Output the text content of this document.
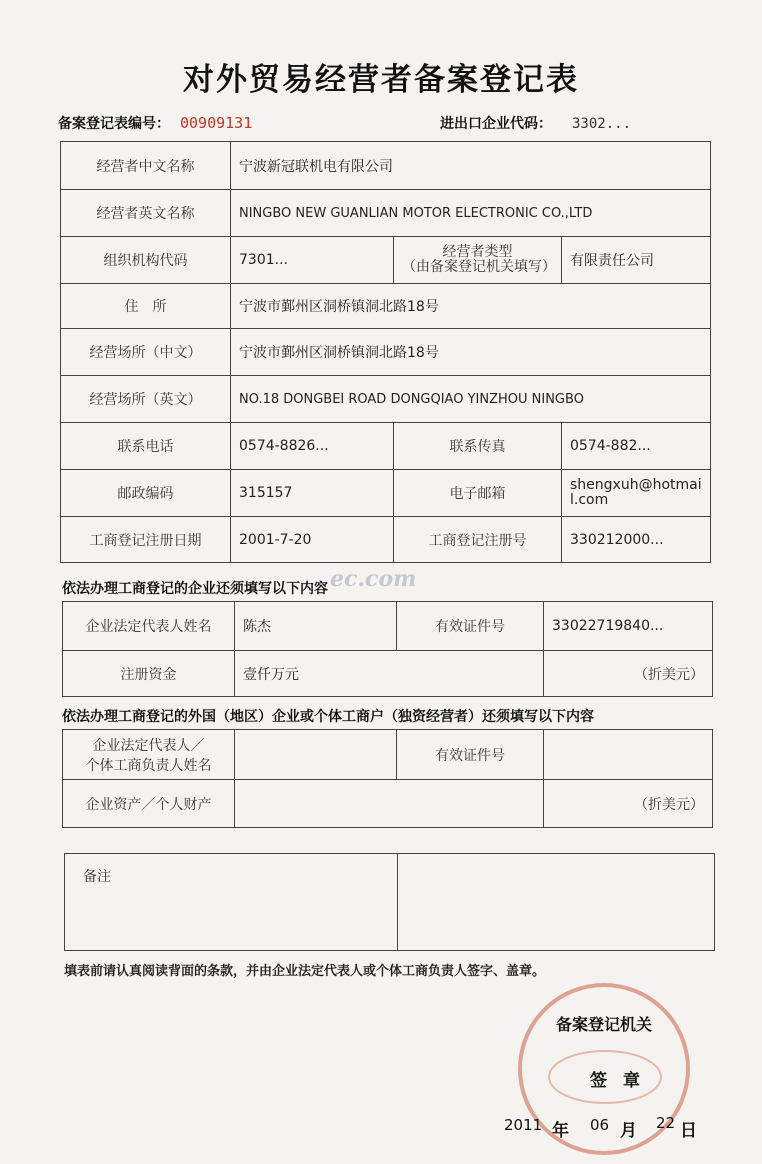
对外贸易经营者备案登记表
备案登记表编号： 00909131	进出口企业代码： 3302...
经营者中文名称	宁波新冠联机电有限公司		
经营者英文名称	NINGBO NEW GUANLIAN MOTOR ELECTRONIC CO.,LTD		
组织机构代码	7301...	经营者类型
（由备案登记机关填写）	有限责任公司
住　所	宁波市鄞州区洞桥镇洞北路18号		
经营场所（中文）	宁波市鄞州区洞桥镇洞北路18号		
经营场所（英文）	NO.18 DONGBEI ROAD DONGQIAO YINZHOU NINGBO		
联系电话	0574-8826...	联系传真	0574-882...
邮政编码	315157	电子邮箱	shengxuh@hotmail.com
工商登记注册日期	2001-7-20	工商登记注册号	330212000...
ec.com
依法办理工商登记的企业还须填写以下内容
企业法定代表人姓名	陈杰	有效证件号	33022719840...
注册资金	壹仟万元		（折美元）
依法办理工商登记的外国（地区）企业或个体工商户（独资经营者）还须填写以下内容
企业法定代表人／
个体工商负责人姓名		有效证件号	
企业资产／个人财产			（折美元）
备注	
填表前请认真阅读背面的条款，并由企业法定代表人或个体工商负责人签字、盖章。
备案登记机关
签章
2011 年 06 月 22 日
